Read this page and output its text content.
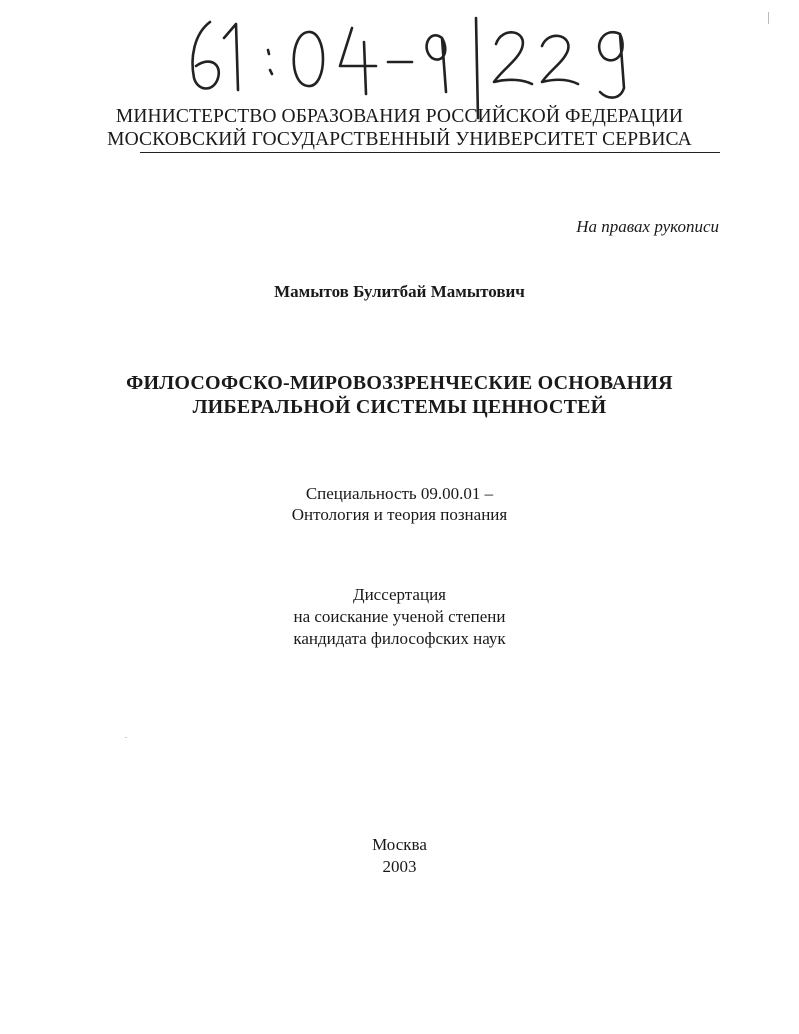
МИНИСТЕРСТВО ОБРАЗОВАНИЯ РОССИЙСКОЙ ФЕДЕРАЦИИ
МОСКОВСКИЙ ГОСУДАРСТВЕННЫЙ УНИВЕРСИТЕТ СЕРВИСА
На правах рукописи
Мамытов Булитбай Мамытович
ФИЛОСОФСКО-МИРОВОЗЗРЕНЧЕСКИЕ ОСНОВАНИЯ
ЛИБЕРАЛЬНОЙ СИСТЕМЫ ЦЕННОСТЕЙ
Специальность 09.00.01 –
Онтология и теория познания
Диссертация
на соискание ученой степени
кандидата философских наук
Москва
2003
